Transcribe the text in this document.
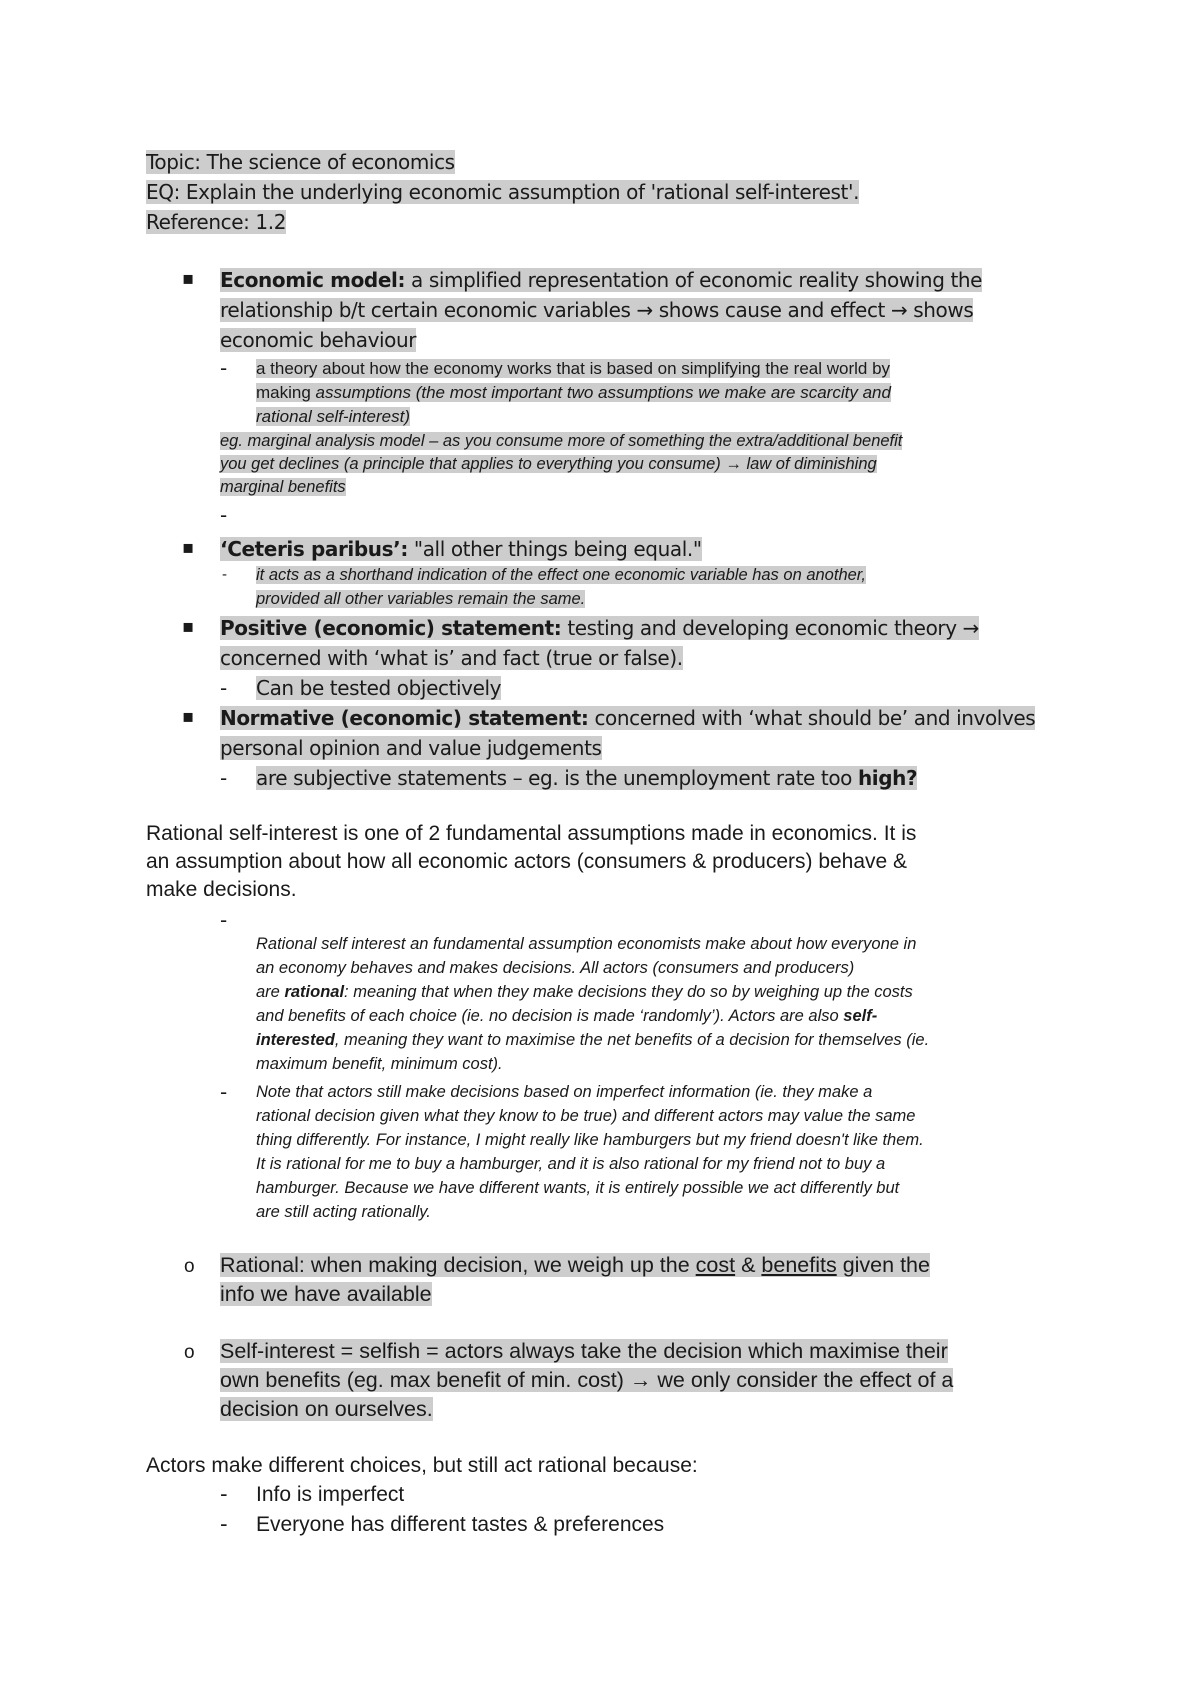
Topic: The science of economics
EQ: Explain the underlying economic assumption of 'rational self-interest'.
Reference: 1.2
▪ Economic model: a simplified representation of economic reality showing the
relationship b/t certain economic variables → shows cause and effect → shows
economic behaviour
- a theory about how the economy works that is based on simplifying the real world by
making assumptions (the most important two assumptions we make are scarcity and
rational self-interest)
eg. marginal analysis model – as you consume more of something the extra/additional benefit
you get declines (a principle that applies to everything you consume) → law of diminishing
marginal benefits
-
▪ ‘Ceteris paribus’: "all other things being equal."
- it acts as a shorthand indication of the effect one economic variable has on another,
provided all other variables remain the same.
▪ Positive (economic) statement: testing and developing economic theory →
concerned with ‘what is’ and fact (true or false).
- Can be tested objectively
▪ Normative (economic) statement: concerned with ‘what should be’ and involves
personal opinion and value judgements
- are subjective statements – eg. is the unemployment rate too high?
Rational self-interest is one of 2 fundamental assumptions made in economics. It is
an assumption about how all economic actors (consumers & producers) behave &
make decisions.
-
Rational self interest an fundamental assumption economists make about how everyone in
an economy behaves and makes decisions. All actors (consumers and producers)
are rational: meaning that when they make decisions they do so by weighing up the costs
and benefits of each choice (ie. no decision is made ‘randomly’). Actors are also self-
interested, meaning they want to maximise the net benefits of a decision for themselves (ie.
maximum benefit, minimum cost).
- Note that actors still make decisions based on imperfect information (ie. they make a
rational decision given what they know to be true) and different actors may value the same
thing differently. For instance, I might really like hamburgers but my friend doesn't like them.
It is rational for me to buy a hamburger, and it is also rational for my friend not to buy a
hamburger. Because we have different wants, it is entirely possible we act differently but
are still acting rationally.
o Rational: when making decision, we weigh up the cost & benefits given the
info we have available
o Self-interest = selfish = actors always take the decision which maximise their
own benefits (eg. max benefit of min. cost) → we only consider the effect of a
decision on ourselves.
Actors make different choices, but still act rational because:
- Info is imperfect
- Everyone has different tastes & preferences
